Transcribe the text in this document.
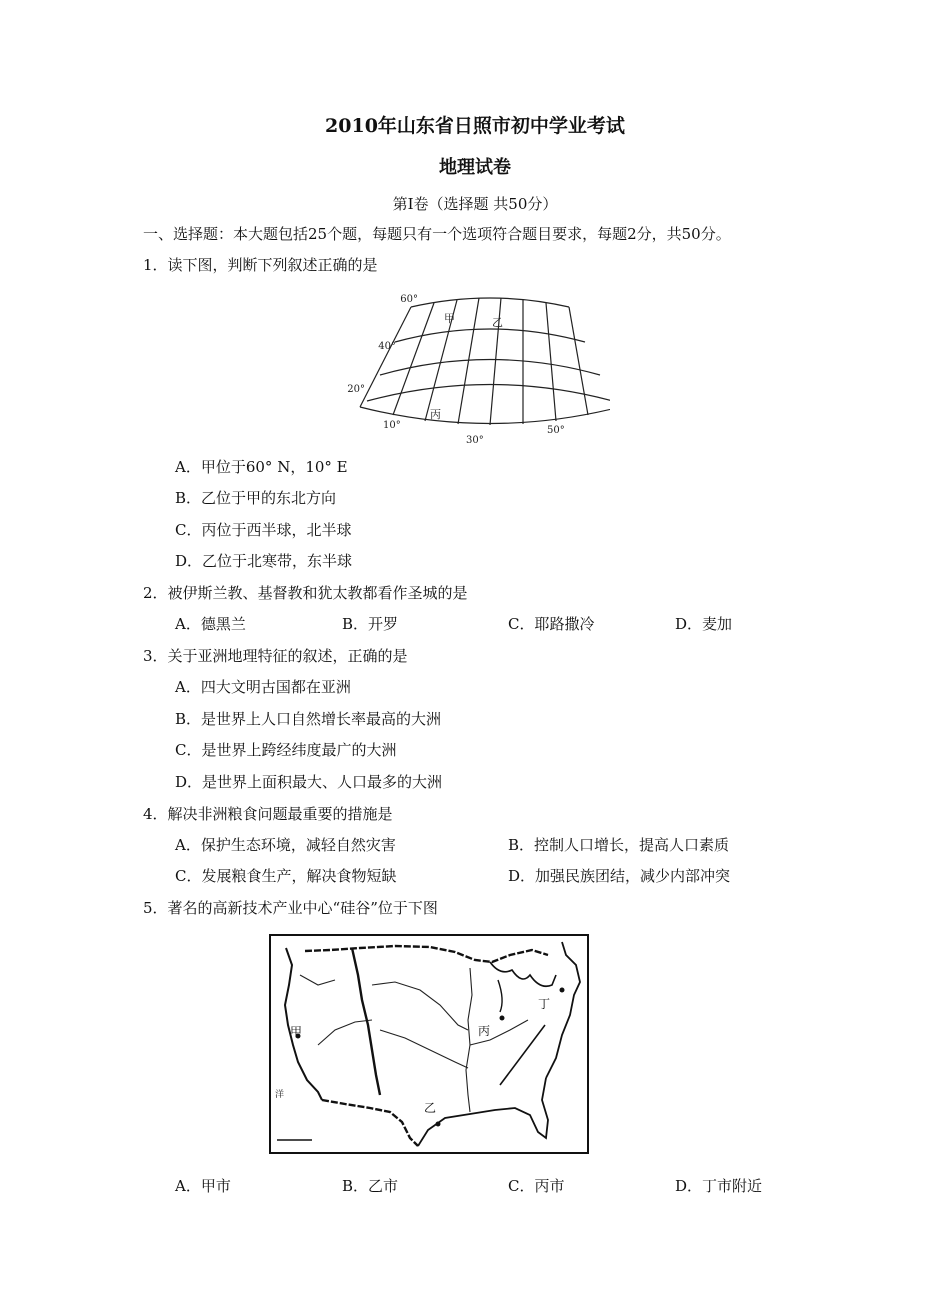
2010年山东省日照市初中学业考试
地理试卷
第Ⅰ卷（选择题 共50分）
一、选择题：本大题包括25个题，每题只有一个选项符合题目要求，每题2分，共50分。
1．读下图，判断下列叙述正确的是
60°
40°
20°
10°
30°
50°
甲	乙
丙
A．甲位于60° N，10° E
B．乙位于甲的东北方向
C．丙位于西半球，北半球
D．乙位于北寒带，东半球
2．被伊斯兰教、基督教和犹太教都看作圣城的是
A．德黑兰	B．开罗	C．耶路撒冷	D．麦加
3．关于亚洲地理特征的叙述，正确的是
A．四大文明古国都在亚洲
B．是世界上人口自然增长率最高的大洲
C．是世界上跨经纬度最广的大洲
D．是世界上面积最大、人口最多的大洲
4．解决非洲粮食问题最重要的措施是
A．保护生态环境，减轻自然灾害	B．控制人口增长，提高人口素质
C．发展粮食生产，解决食物短缺	D．加强民族团结，减少内部冲突
5．著名的高新技术产业中心“硅谷”位于下图
甲
乙
丙
丁
洋
A．甲市	B．乙市	C．丙市	D．丁市附近
